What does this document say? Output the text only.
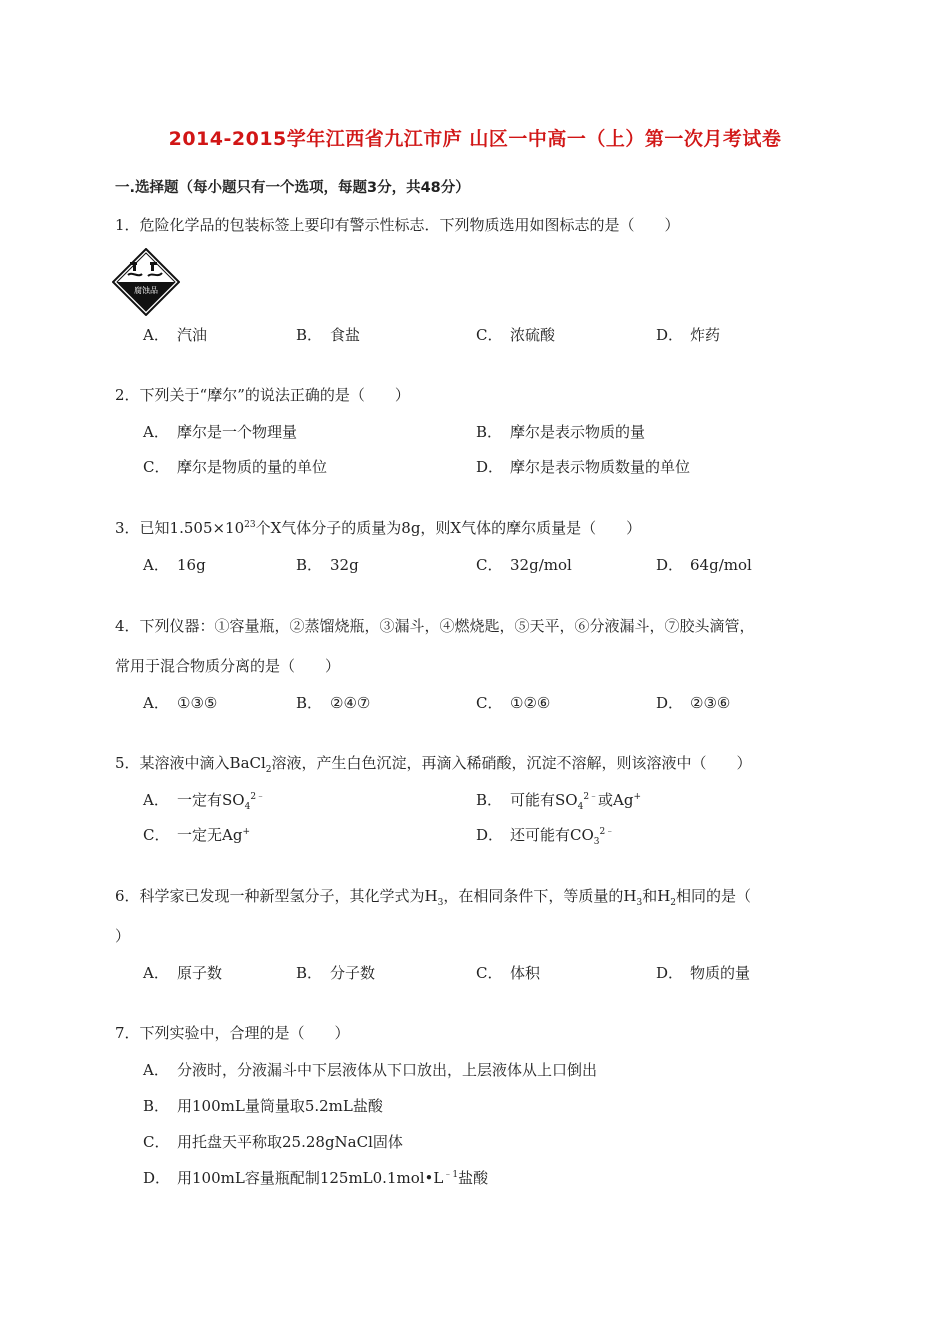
2014-2015学年江西省九江市庐 山区一中高一（上）第一次月考试卷
一.选择题（每小题只有一个选项，每题3分，共48分）
1．危险化学品的包装标签上要印有警示性标志．下列物质选用如图标志的是（　　）
腐蚀品
A． 汽油	B． 食盐	C． 浓硫酸	D． 炸药
2．下列关于“摩尔”的说法正确的是（　　）
A． 摩尔是一个物理量	B． 摩尔是表示物质的量
C． 摩尔是物质的量的单位	D． 摩尔是表示物质数量的单位
3．已知$1.505\times 10^{23}$个X气体分子的质量为8g，则X气体的摩尔质量是（　　）
A． 16g	B． 32g	C． 32g/mol	D． 64g/mol
4．下列仪器：①容量瓶，②蒸馏烧瓶，③漏斗，④燃烧匙，⑤天平，⑥分液漏斗，⑦胶头滴管，
常用于混合物质分离的是（　　）
A． ①③⑤	B． ②④⑦	C． ①②⑥	D． ②③⑥
5．某溶液中滴入BaCl$_2$溶液，产生白色沉淀，再滴入稀硝酸，沉淀不溶解，则该溶液中（　　）
A． 一定有$SO_4^{2﹣}$	B． 可能有$SO_4^{2﹣}$或Ag+
C． 一定无Ag+	D． 还可能有$CO_3^{2﹣}$
6．科学家已发现一种新型氢分子，其化学式为$H_3$，在相同条件下，等质量的$H_3$和$H_2$相同的是（
）
A． 原子数	B． 分子数	C． 体积	D． 物质的量
7．下列实验中，合理的是（　　）
A． 分液时，分液漏斗中下层液体从下口放出，上层液体从上口倒出
B． 用100mL量筒量取5.2mL盐酸
C． 用托盘天平称取25.28gNaCl固体
D． 用100mL容量瓶配制$125mL0.1mol•L^{﹣1}$盐酸
